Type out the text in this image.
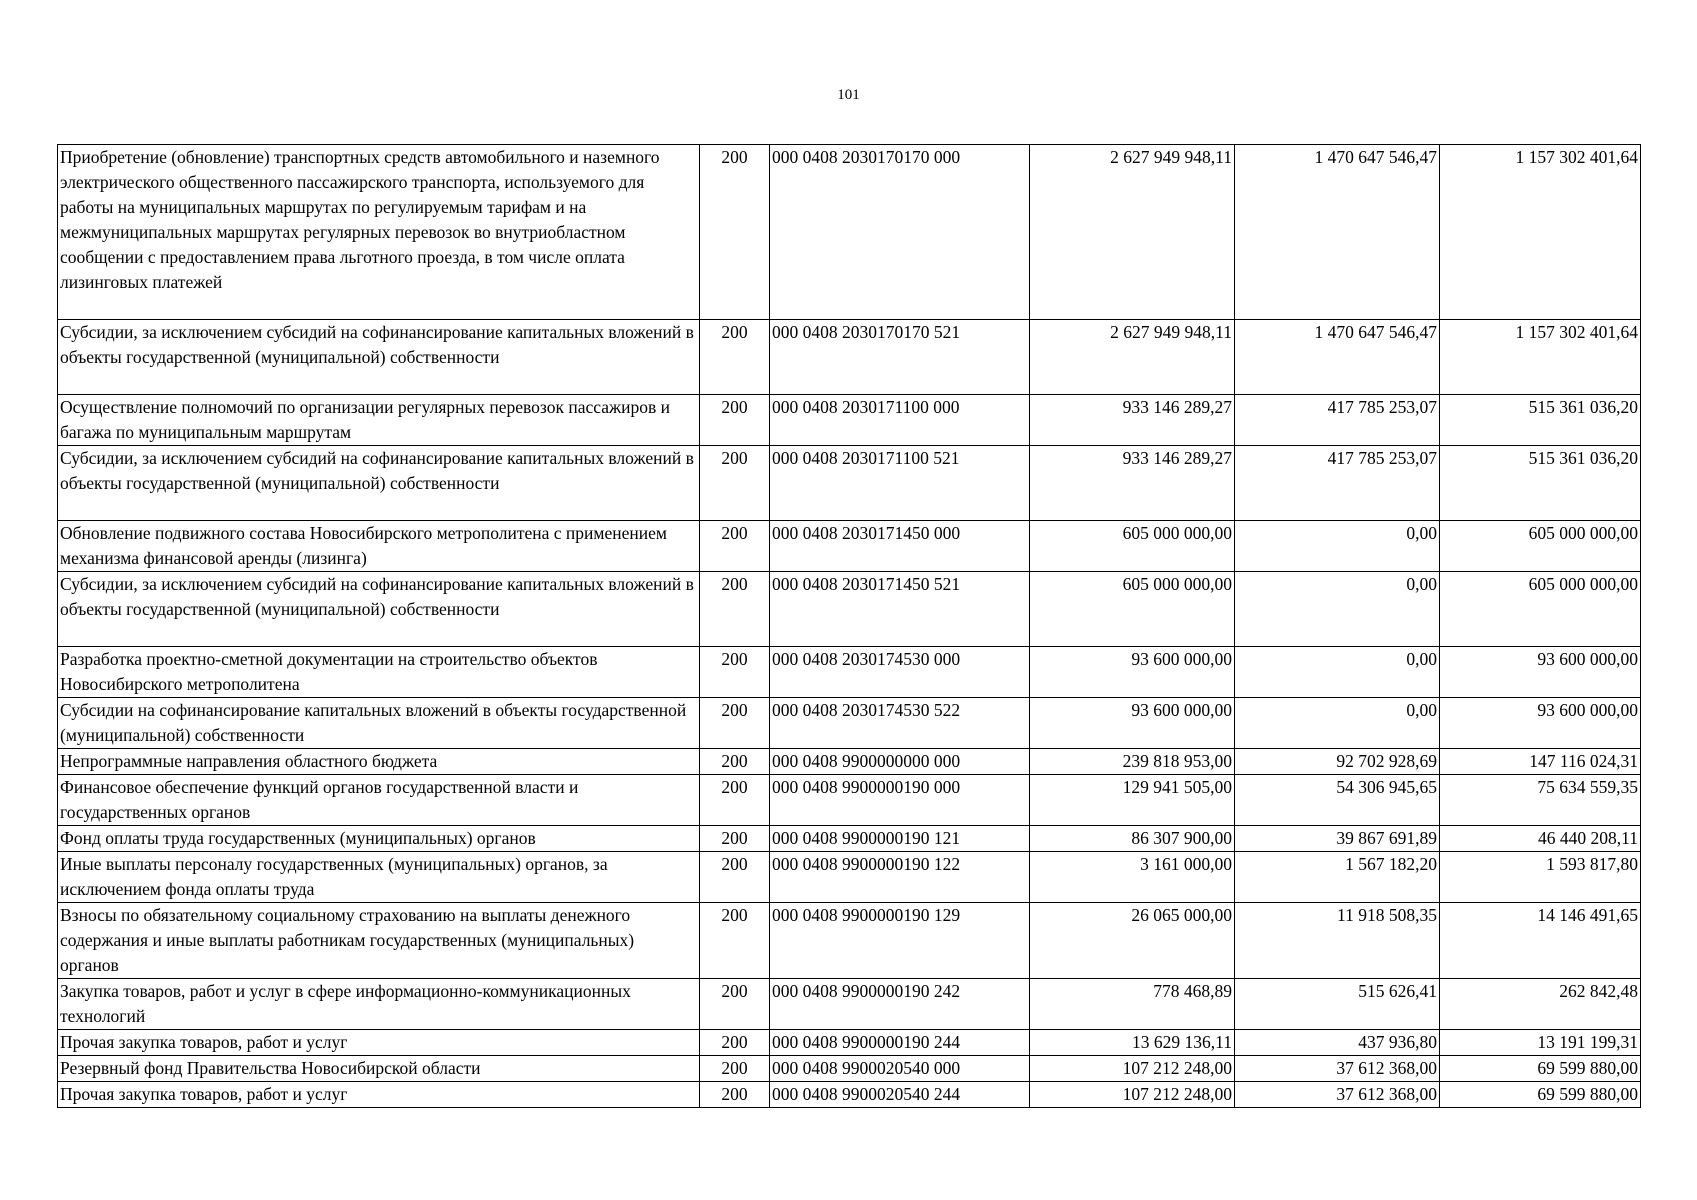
101
Приобретение (обновление) транспортных средств автомобильного и наземного электрического общественного пассажирского транспорта, используемого для работы на муниципальных маршрутах по регулируемым тарифам и на межмуниципальных маршрутах регулярных перевозок во внутриобластном сообщении с предоставлением права льготного проезда, в том числе оплата лизинговых платежей	200	000 0408 2030170170 000	2 627 949 948,11	1 470 647 546,47	1 157 302 401,64
Субсидии, за исключением субсидий на софинансирование капитальных вложений в объекты государственной (муниципальной) собственности	200	000 0408 2030170170 521	2 627 949 948,11	1 470 647 546,47	1 157 302 401,64
Осуществление полномочий по организации регулярных перевозок пассажиров и багажа по муниципальным маршрутам	200	000 0408 2030171100 000	933 146 289,27	417 785 253,07	515 361 036,20
Субсидии, за исключением субсидий на софинансирование капитальных вложений в объекты государственной (муниципальной) собственности	200	000 0408 2030171100 521	933 146 289,27	417 785 253,07	515 361 036,20
Обновление подвижного состава Новосибирского метрополитена с применением механизма финансовой аренды (лизинга)	200	000 0408 2030171450 000	605 000 000,00	0,00	605 000 000,00
Субсидии, за исключением субсидий на софинансирование капитальных вложений в объекты государственной (муниципальной) собственности	200	000 0408 2030171450 521	605 000 000,00	0,00	605 000 000,00
Разработка проектно-сметной документации на строительство объектов Новосибирского метрополитена	200	000 0408 2030174530 000	93 600 000,00	0,00	93 600 000,00
Субсидии на софинансирование капитальных вложений в объекты государственной (муниципальной) собственности	200	000 0408 2030174530 522	93 600 000,00	0,00	93 600 000,00
Непрограммные направления областного бюджета	200	000 0408 9900000000 000	239 818 953,00	92 702 928,69	147 116 024,31
Финансовое обеспечение функций органов государственной власти и государственных органов	200	000 0408 9900000190 000	129 941 505,00	54 306 945,65	75 634 559,35
Фонд оплаты труда государственных (муниципальных) органов	200	000 0408 9900000190 121	86 307 900,00	39 867 691,89	46 440 208,11
Иные выплаты персоналу государственных (муниципальных) органов, за исключением фонда оплаты труда	200	000 0408 9900000190 122	3 161 000,00	1 567 182,20	1 593 817,80
Взносы по обязательному социальному страхованию на выплаты денежного содержания и иные выплаты работникам государственных (муниципальных) органов	200	000 0408 9900000190 129	26 065 000,00	11 918 508,35	14 146 491,65
Закупка товаров, работ и услуг в сфере информационно-коммуникационных технологий	200	000 0408 9900000190 242	778 468,89	515 626,41	262 842,48
Прочая закупка товаров, работ и услуг	200	000 0408 9900000190 244	13 629 136,11	437 936,80	13 191 199,31
Резервный фонд Правительства Новосибирской области	200	000 0408 9900020540 000	107 212 248,00	37 612 368,00	69 599 880,00
Прочая закупка товаров, работ и услуг	200	000 0408 9900020540 244	107 212 248,00	37 612 368,00	69 599 880,00
